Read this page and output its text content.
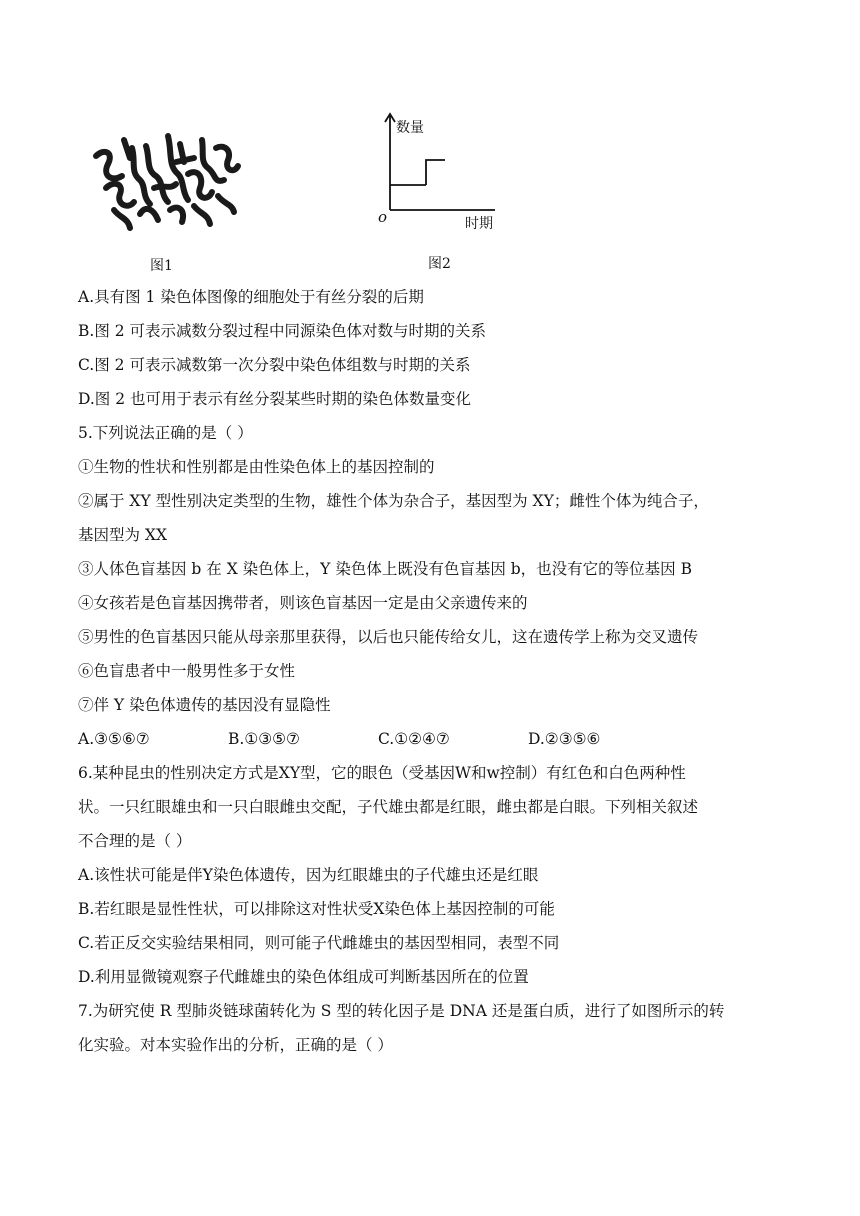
图1
数量
时期
o
图2
A.具有图 1 染色体图像的细胞处于有丝分裂的后期
B.图 2 可表示减数分裂过程中同源染色体对数与时期的关系
C.图 2 可表示减数第一次分裂中染色体组数与时期的关系
D.图 2 也可用于表示有丝分裂某些时期的染色体数量变化
5.下列说法正确的是（ ）
①生物的性状和性别都是由性染色体上的基因控制的
②属于 XY 型性别决定类型的生物，雄性个体为杂合子，基因型为 XY；雌性个体为纯合子，
基因型为 XX
③人体色盲基因 b 在 X 染色体上，Y 染色体上既没有色盲基因 b，也没有它的等位基因 B
④女孩若是色盲基因携带者，则该色盲基因一定是由父亲遗传来的
⑤男性的色盲基因只能从母亲那里获得，以后也只能传给女儿，这在遗传学上称为交叉遗传
⑥色盲患者中一般男性多于女性
⑦伴 Y 染色体遗传的基因没有显隐性
A.③⑤⑥⑦	B.①③⑤⑦	C.①②④⑦	D.②③⑤⑥
6.某种昆虫的性别决定方式是XY型，它的眼色（受基因W和w控制）有红色和白色两种性
状。一只红眼雄虫和一只白眼雌虫交配，子代雄虫都是红眼，雌虫都是白眼。下列相关叙述
不合理的是（ ）
A.该性状可能是伴Y染色体遗传，因为红眼雄虫的子代雄虫还是红眼
B.若红眼是显性性状，可以排除这对性状受X染色体上基因控制的可能
C.若正反交实验结果相同，则可能子代雌雄虫的基因型相同，表型不同
D.利用显微镜观察子代雌雄虫的染色体组成可判断基因所在的位置
7.为研究使 R 型肺炎链球菌转化为 S 型的转化因子是 DNA 还是蛋白质，进行了如图所示的转
化实验。对本实验作出的分析，正确的是（ ）
